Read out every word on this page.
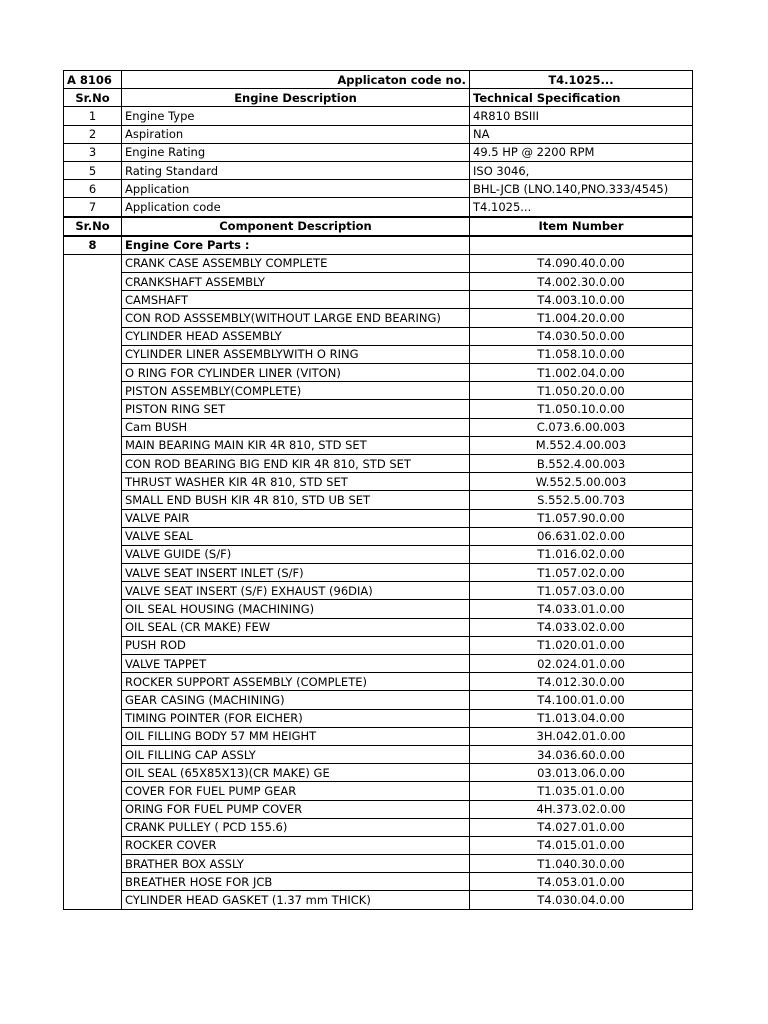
A 8106	Applicaton code no.	T4.1025...
Sr.No	Engine Description	Technical Specification
1	Engine Type	4R810 BSIII
2	Aspiration	NA
3	Engine Rating	49.5 HP @ 2200 RPM
5	Rating Standard	ISO 3046,
6	Application	BHL-JCB (LNO.140,PNO.333/4545)
7	Application code	T4.1025...
Sr.No	Component Description	Item Number
8	Engine Core Parts :	
	CRANK CASE ASSEMBLY COMPLETE	T4.090.40.0.00
	CRANKSHAFT ASSEMBLY	T4.002.30.0.00
	CAMSHAFT	T4.003.10.0.00
	CON ROD ASSSEMBLY(WITHOUT LARGE END BEARING)	T1.004.20.0.00
	CYLINDER HEAD ASSEMBLY	T4.030.50.0.00
	CYLINDER LINER ASSEMBLYWITH O RING	T1.058.10.0.00
	O RING FOR CYLINDER LINER (VITON)	T1.002.04.0.00
	PISTON ASSEMBLY(COMPLETE)	T1.050.20.0.00
	PISTON RING SET	T1.050.10.0.00
	Cam BUSH	C.073.6.00.003
	MAIN BEARING MAIN KIR 4R 810, STD SET	M.552.4.00.003
	CON ROD BEARING BIG END KIR 4R 810, STD SET	B.552.4.00.003
	THRUST WASHER KIR 4R 810, STD SET	W.552.5.00.003
	SMALL END BUSH KIR 4R 810, STD UB SET	S.552.5.00.703
	VALVE PAIR	T1.057.90.0.00
	VALVE SEAL	06.631.02.0.00
	VALVE GUIDE (S/F)	T1.016.02.0.00
	VALVE SEAT INSERT INLET (S/F)	T1.057.02.0.00
	VALVE SEAT INSERT (S/F) EXHAUST (96DIA)	T1.057.03.0.00
	OIL SEAL HOUSING (MACHINING)	T4.033.01.0.00
	OIL SEAL (CR MAKE) FEW	T4.033.02.0.00
	PUSH ROD	T1.020.01.0.00
	VALVE TAPPET	02.024.01.0.00
	ROCKER SUPPORT ASSEMBLY (COMPLETE)	T4.012.30.0.00
	GEAR CASING (MACHINING)	T4.100.01.0.00
	TIMING POINTER (FOR EICHER)	T1.013.04.0.00
	OIL FILLING BODY 57 MM HEIGHT	3H.042.01.0.00
	OIL FILLING CAP ASSLY	34.036.60.0.00
	OIL SEAL (65X85X13)(CR MAKE) GE	03.013.06.0.00
	COVER FOR FUEL PUMP GEAR	T1.035.01.0.00
	ORING FOR FUEL PUMP COVER	4H.373.02.0.00
	CRANK PULLEY ( PCD 155.6)	T4.027.01.0.00
	ROCKER COVER	T4.015.01.0.00
	BRATHER BOX ASSLY	T1.040.30.0.00
	BREATHER HOSE FOR JCB	T4.053.01.0.00
	CYLINDER HEAD GASKET (1.37 mm THICK)	T4.030.04.0.00
